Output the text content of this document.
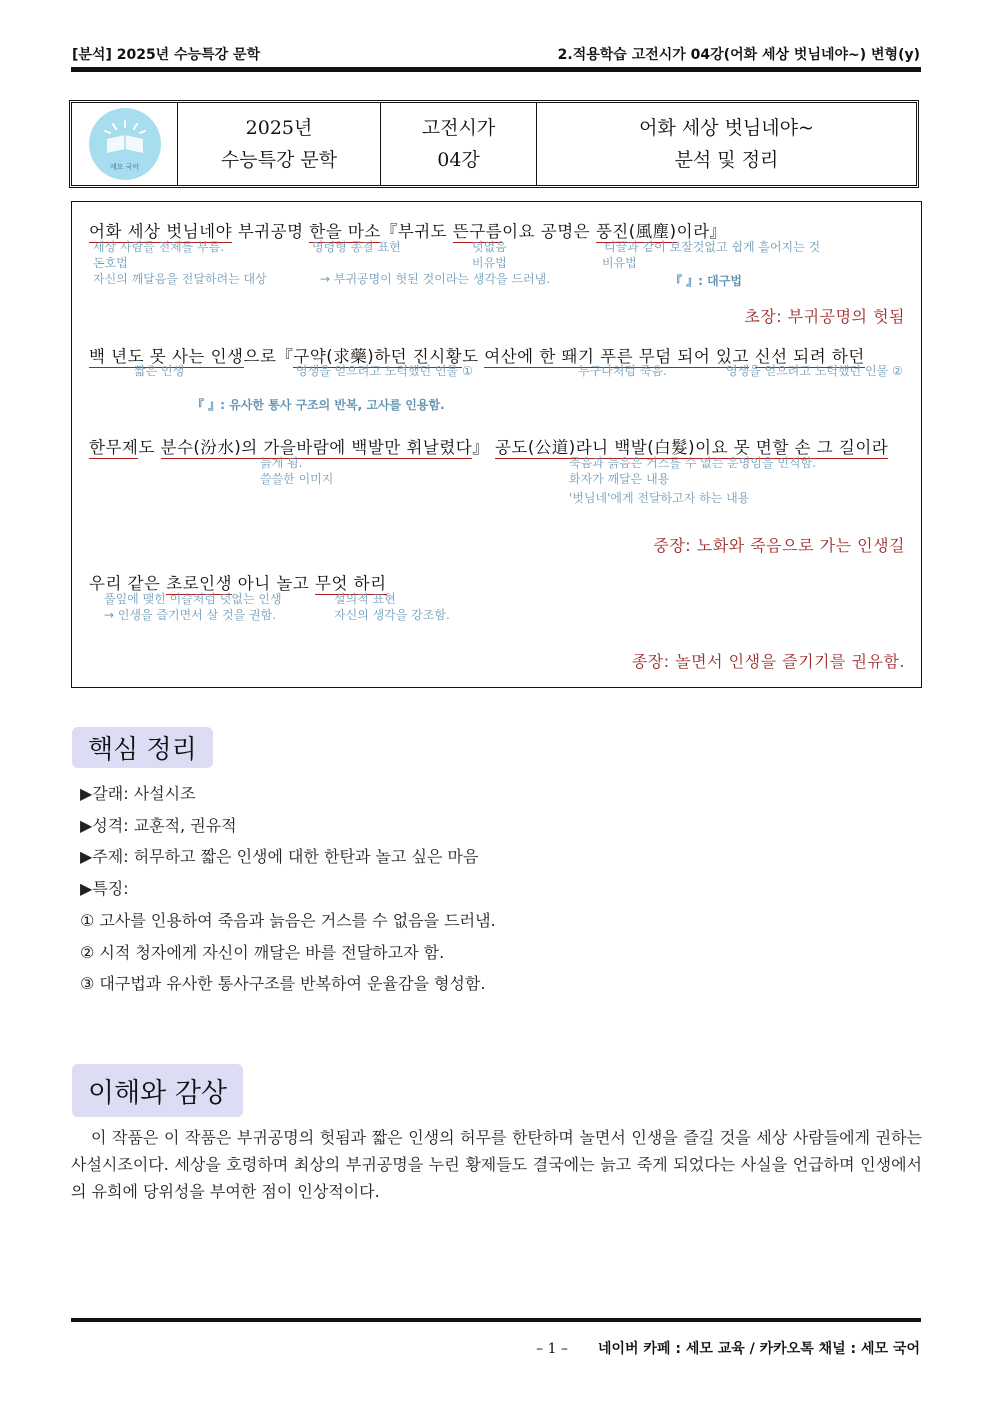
[분석] 2025년 수능특강 문학	2.적용학습 고전시가 04강(어화 세상 벗님네야~) 변형(y)
세모 국어
2025년
수능특강 문학
고전시가
04강
어화 세상 벗님네야~
분석 및 정리
어화 세상 벗님네야 부귀공명 한을 마소『부귀도 뜬구름이요 공명은 풍진(風塵)이라』
세상 사람들 전체를 부름.
돈호법
자신의 깨달음을 전달하려는 대상
명령형 종결 표현	덧없음
비유법
티끌과 같이 보잘것없고 쉽게 흩어지는 것
비유법
→ 부귀공명이 헛된 것이라는 생각을 드러냄.	『 』: 대구법
초장: 부귀공명의 헛됨
백 년도 못 사는 인생으로『구약(求藥)하던 진시황도 여산에 한 뙈기 푸른 무덤 되어 있고 신선 되려 하던
짧은 인생	영생을 얻으려고 노력했던 인물 ①	누구나처럼 죽음.	영생을 얻으려고 노력했던 인물 ②
『 』: 유사한 통사 구조의 반복, 고사를 인용함.
한무제도 분수(汾水)의 가을바람에 백발만 휘날렸다』 공도(公道)라니 백발(白髮)이요 못 면할 손 그 길이라
늙게 됨.
쓸쓸한 이미지
죽음과 늙음은 거스를 수 없는 운명임을 인식함.
화자가 깨달은 내용
'벗님네'에게 전달하고자 하는 내용
중장: 노화와 죽음으로 가는 인생길
우리 같은 초로인생 아니 놀고 무엇 하리
풀잎에 맺힌 이슬처럼 덧없는 인생
→ 인생을 즐기면서 살 것을 권함.
설의적 표현
자신의 생각을 강조함.
종장: 놀면서 인생을 즐기기를 권유함.
핵심 정리
▶갈래: 사설시조
▶성격: 교훈적, 권유적
▶주제: 허무하고 짧은 인생에 대한 한탄과 놀고 싶은 마음
▶특징:
① 고사를 인용하여 죽음과 늙음은 거스를 수 없음을 드러냄.
② 시적 청자에게 자신이 깨달은 바를 전달하고자 함.
③ 대구법과 유사한 통사구조를 반복하여 운율감을 형성함.
이해와 감상
이 작품은 이 작품은 부귀공명의 헛됨과 짧은 인생의 허무를 한탄하며 놀면서 인생을 즐길 것을 세상 사람들에게 권하는 사설시조이다. 세상을 호령하며 최상의 부귀공명을 누린 황제들도 결국에는 늙고 죽게 되었다는 사실을 언급하며 인생에서의 유희에 당위성을 부여한 점이 인상적이다.
– 1 – 네이버 카페 : 세모 교육 / 카카오톡 채널 : 세모 국어
